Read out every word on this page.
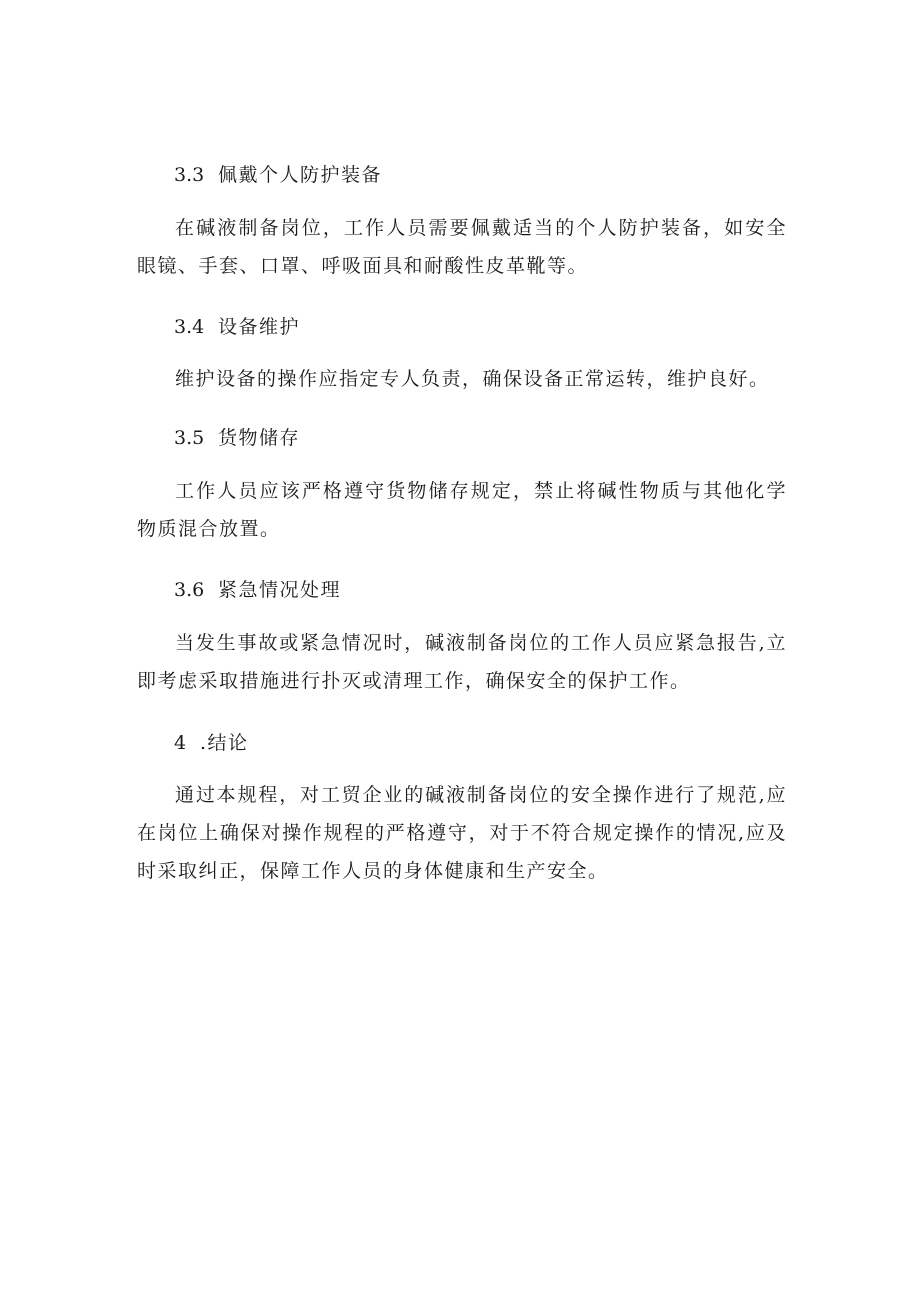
3.3 佩戴个人防护装备

在碱液制备岗位，工作人员需要佩戴适当的个人防护装备，如安全眼镜、手套、口罩、呼吸面具和耐酸性皮革靴等。

3.4 设备维护

维护设备的操作应指定专人负责，确保设备正常运转，维护良好。

3.5 货物储存

工作人员应该严格遵守货物储存规定，禁止将碱性物质与其他化学物质混合放置。

3.6 紧急情况处理

当发生事故或紧急情况时，碱液制备岗位的工作人员应紧急报告,立即考虑采取措施进行扑灭或清理工作，确保安全的保护工作。

4 .结论

通过本规程，对工贸企业的碱液制备岗位的安全操作进行了规范,应在岗位上确保对操作规程的严格遵守，对于不符合规定操作的情况,应及时采取纠正，保障工作人员的身体健康和生产安全。
